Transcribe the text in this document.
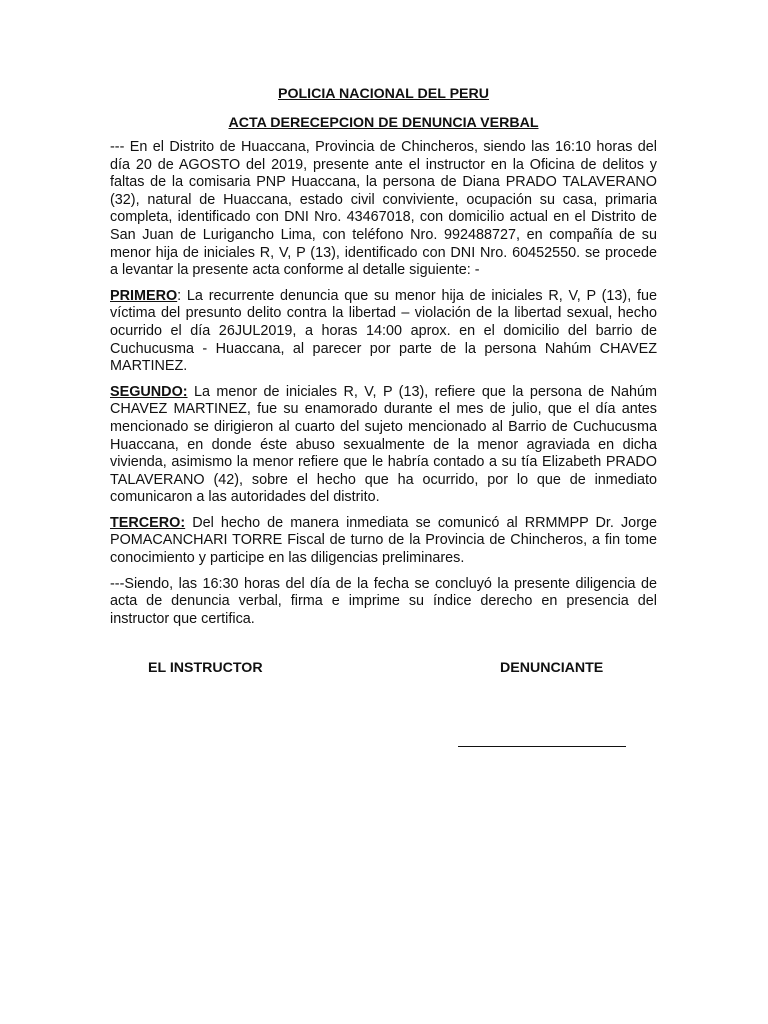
POLICIA NACIONAL DEL PERU

ACTA DERECEPCION DE DENUNCIA VERBAL

--- En el Distrito de Huaccana, Provincia de Chincheros, siendo las 16:10 horas del día 20 de AGOSTO del 2019, presente ante el instructor en la Oficina de delitos y faltas de la comisaria PNP Huaccana, la persona de Diana PRADO TALAVERANO (32), natural de Huaccana, estado civil conviviente, ocupación su casa, primaria completa, identificado con DNI Nro. 43467018, con domicilio actual en el Distrito de San Juan de Lurigancho Lima, con teléfono Nro. 992488727, en compañía de su menor hija de iniciales R, V, P (13), identificado con DNI Nro. 60452550. se procede a levantar la presente acta conforme al detalle siguiente: -

PRIMERO: La recurrente denuncia que su menor hija de iniciales R, V, P (13), fue víctima del presunto delito contra la libertad – violación de la libertad sexual, hecho ocurrido el día 26JUL2019, a horas 14:00 aprox. en el domicilio del barrio de Cuchucusma - Huaccana, al parecer por parte de la persona Nahúm CHAVEZ MARTINEZ.

SEGUNDO: La menor de iniciales R, V, P (13), refiere que la persona de Nahúm CHAVEZ MARTINEZ, fue su enamorado durante el mes de julio, que el día antes mencionado se dirigieron al cuarto del sujeto mencionado al Barrio de Cuchucusma Huaccana, en donde éste abuso sexualmente de la menor agraviada en dicha vivienda, asimismo la menor refiere que le habría contado a su tía Elizabeth PRADO TALAVERANO (42), sobre el hecho que ha ocurrido, por lo que de inmediato comunicaron a las autoridades del distrito.

TERCERO: Del hecho de manera inmediata se comunicó al RRMMPP Dr. Jorge POMACANCHARI TORRE Fiscal de turno de la Provincia de Chincheros, a fin tome conocimiento y participe en las diligencias preliminares.

---Siendo, las 16:30 horas del día de la fecha se concluyó la presente diligencia de acta de denuncia verbal, firma e imprime su índice derecho en presencia del instructor que certifica.

EL INSTRUCTOR	DENUNCIANTE
